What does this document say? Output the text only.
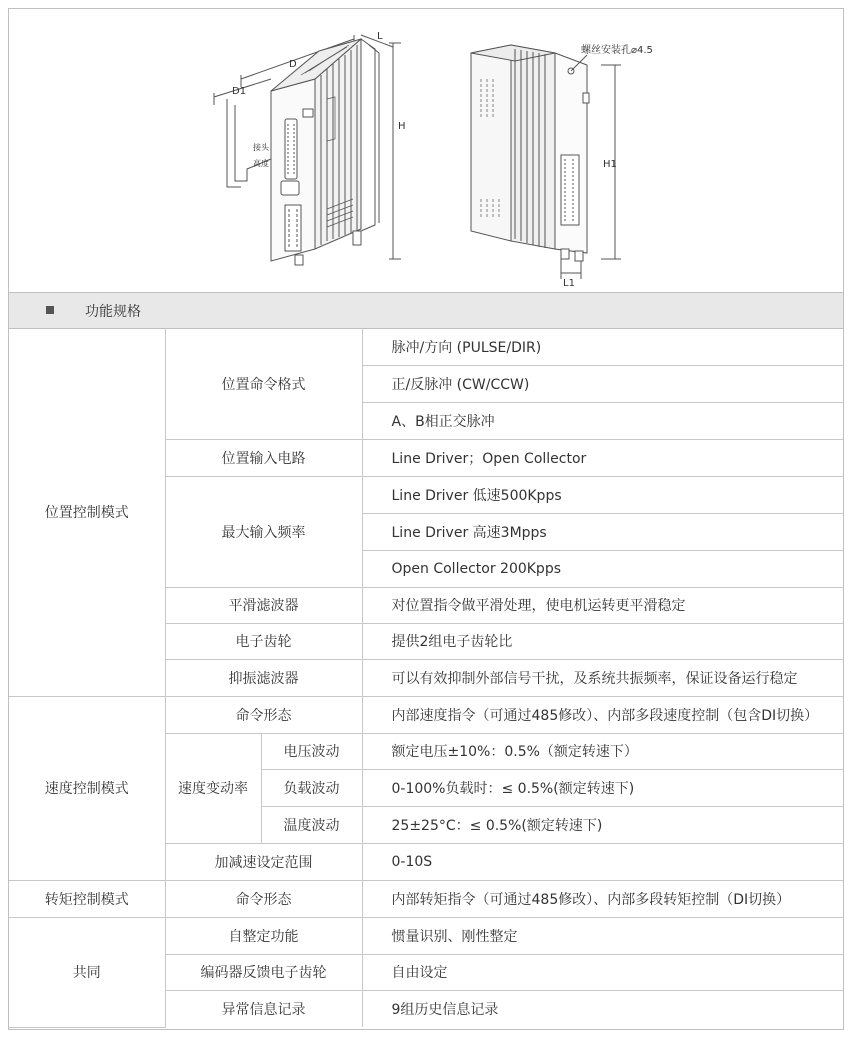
D1
D
L
H
接头
高度
螺丝安装孔⌀4.5
H1
L1
功能规格
位置控制模式	位置命令格式		脉冲/方向 (PULSE/DIR)
			正/反脉冲 (CW/CCW)
			A、B相正交脉冲
	位置输入电路		Line Driver；Open Collector
	最大输入频率		Line Driver 低速500Kpps
			Line Driver 高速3Mpps
			Open Collector 200Kpps
	平滑滤波器		对位置指令做平滑处理，使电机运转更平滑稳定
	电子齿轮		提供2组电子齿轮比
	抑振滤波器		可以有效抑制外部信号干扰，及系统共振频率，保证设备运行稳定
速度控制模式	命令形态		内部速度指令（可通过485修改）、内部多段速度控制（包含DI切换）
	速度变动率	电压波动	额定电压±10%：0.5%（额定转速下）
		负载波动	0-100%负载时：≤ 0.5%(额定转速下)
		温度波动	25±25°C：≤ 0.5%(额定转速下)
	加减速设定范围		0-10S
转矩控制模式	命令形态		内部转矩指令（可通过485修改）、内部多段转矩控制（DI切换）
共同	自整定功能		惯量识别、刚性整定
	编码器反馈电子齿轮		自由设定
	异常信息记录		9组历史信息记录
